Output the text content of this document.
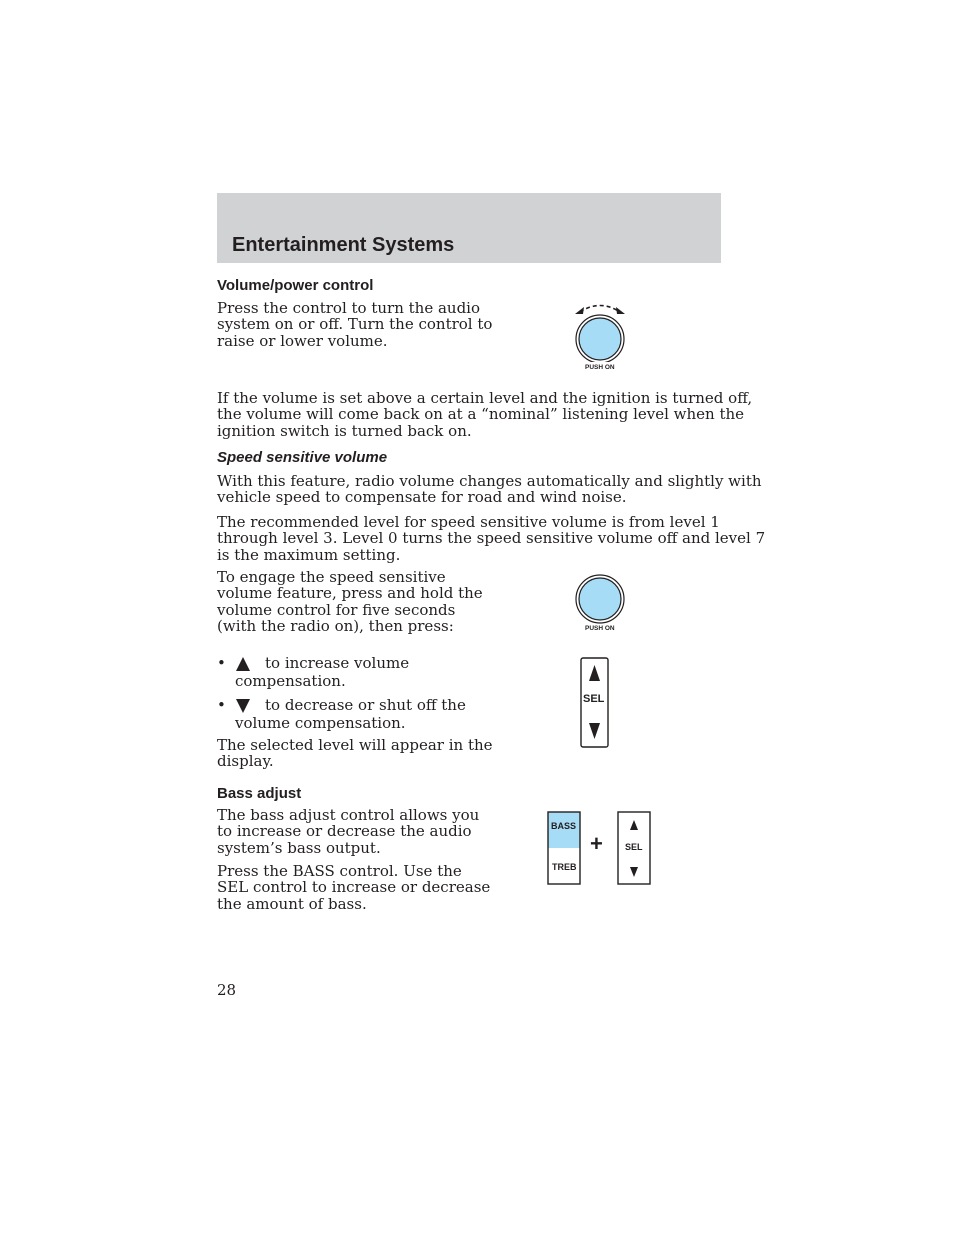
Entertainment Systems
Volume/power control

Press the control to turn the audio
system on or off. Turn the control to
raise or lower volume.

PUSH ON

If the volume is set above a certain level and the ignition is turned off,
the volume will come back on at a “nominal” listening level when the
ignition switch is turned back on.

Speed sensitive volume

With this feature, radio volume changes automatically and slightly with
vehicle speed to compensate for road and wind noise.

The recommended level for speed sensitive volume is from level 1
through level 3. Level 0 turns the speed sensitive volume off and level 7
is the maximum setting.

To engage the speed sensitive
volume feature, press and hold the
volume control for five seconds
(with the radio on), then press:	PUSH ON
•	to increase volume
compensation.
•	to decrease or shut off the
volume compensation.

The selected level will appear in the
display.

SEL
Bass adjust

The bass adjust control allows you
to increase or decrease the audio
system’s bass output.

Press the BASS control. Use the
SEL control to increase or decrease
the amount of bass.

BASS
TREB
+ SEL
28
